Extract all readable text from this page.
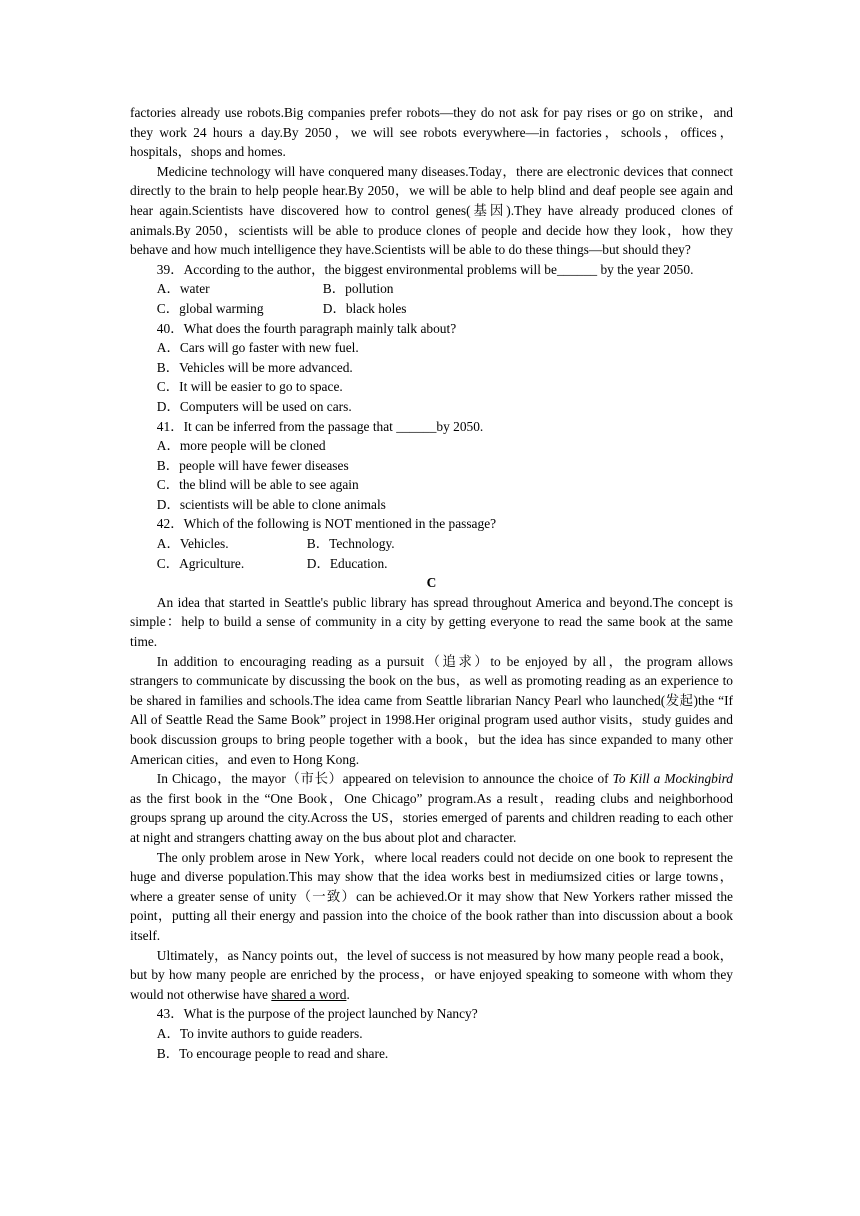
factories already use robots.Big companies prefer robots—they do not ask for pay rises or go on strike，and they work 24 hours a day.By 2050，we will see robots everywhere—in factories，schools，offices，hospitals，shops and homes.

Medicine technology will have conquered many diseases.Today，there are electronic devices that connect directly to the brain to help people hear.By 2050，we will be able to help blind and deaf people see again and hear again.Scientists have discovered how to control genes(基因).They have already produced clones of animals.By 2050，scientists will be able to produce clones of people and decide how they look，how they behave and how much intelligence they have.Scientists will be able to do these things—but should they?

39．According to the author，the biggest environmental problems will be______ by the year 2050.

A．water	B．pollution
C．global warming	D．black holes

40．What does the fourth paragraph mainly talk about?

A．Cars will go faster with new fuel.

B．Vehicles will be more advanced.

C．It will be easier to go to space.

D．Computers will be used on cars.

41．It can be inferred from the passage that ______by 2050.

A．more people will be cloned

B．people will have fewer diseases

C．the blind will be able to see again

D．scientists will be able to clone animals

42．Which of the following is NOT mentioned in the passage?

A．Vehicles.	B．Technology.
C．Agriculture.	D．Education.

C

An idea that started in Seattle's public library has spread throughout America and beyond.The concept is simple：help to build a sense of community in a city by getting everyone to read the same book at the same time.

In addition to encouraging reading as a pursuit（追求）to be enjoyed by all，the program allows strangers to communicate by discussing the book on the bus，as well as promoting reading as an experience to be shared in families and schools.The idea came from Seattle librarian Nancy Pearl who launched(发起)the “If All of Seattle Read the Same Book” project in 1998.Her original program used author visits，study guides and book discussion groups to bring people together with a book，but the idea has since expanded to many other American cities，and even to Hong Kong.

In Chicago，the mayor（市长）appeared on television to announce the choice of To Kill a Mockingbird as the first book in the “One Book，One Chicago” program.As a result，reading clubs and neighborhood groups sprang up around the city.Across the US，stories emerged of parents and children reading to each other at night and strangers chatting away on the bus about plot and character.

The only problem arose in New York，where local readers could not decide on one book to represent the huge and diverse population.This may show that the idea works best in mediumsized cities or large towns，where a greater sense of unity（一致）can be achieved.Or it may show that New Yorkers rather missed the point，putting all their energy and passion into the choice of the book rather than into discussion about a book itself.

Ultimately，as Nancy points out，the level of success is not measured by how many people read a book，but by how many people are enriched by the process，or have enjoyed speaking to someone with whom they would not otherwise have shared a word.

43．What is the purpose of the project launched by Nancy?

A．To invite authors to guide readers.

B．To encourage people to read and share.
